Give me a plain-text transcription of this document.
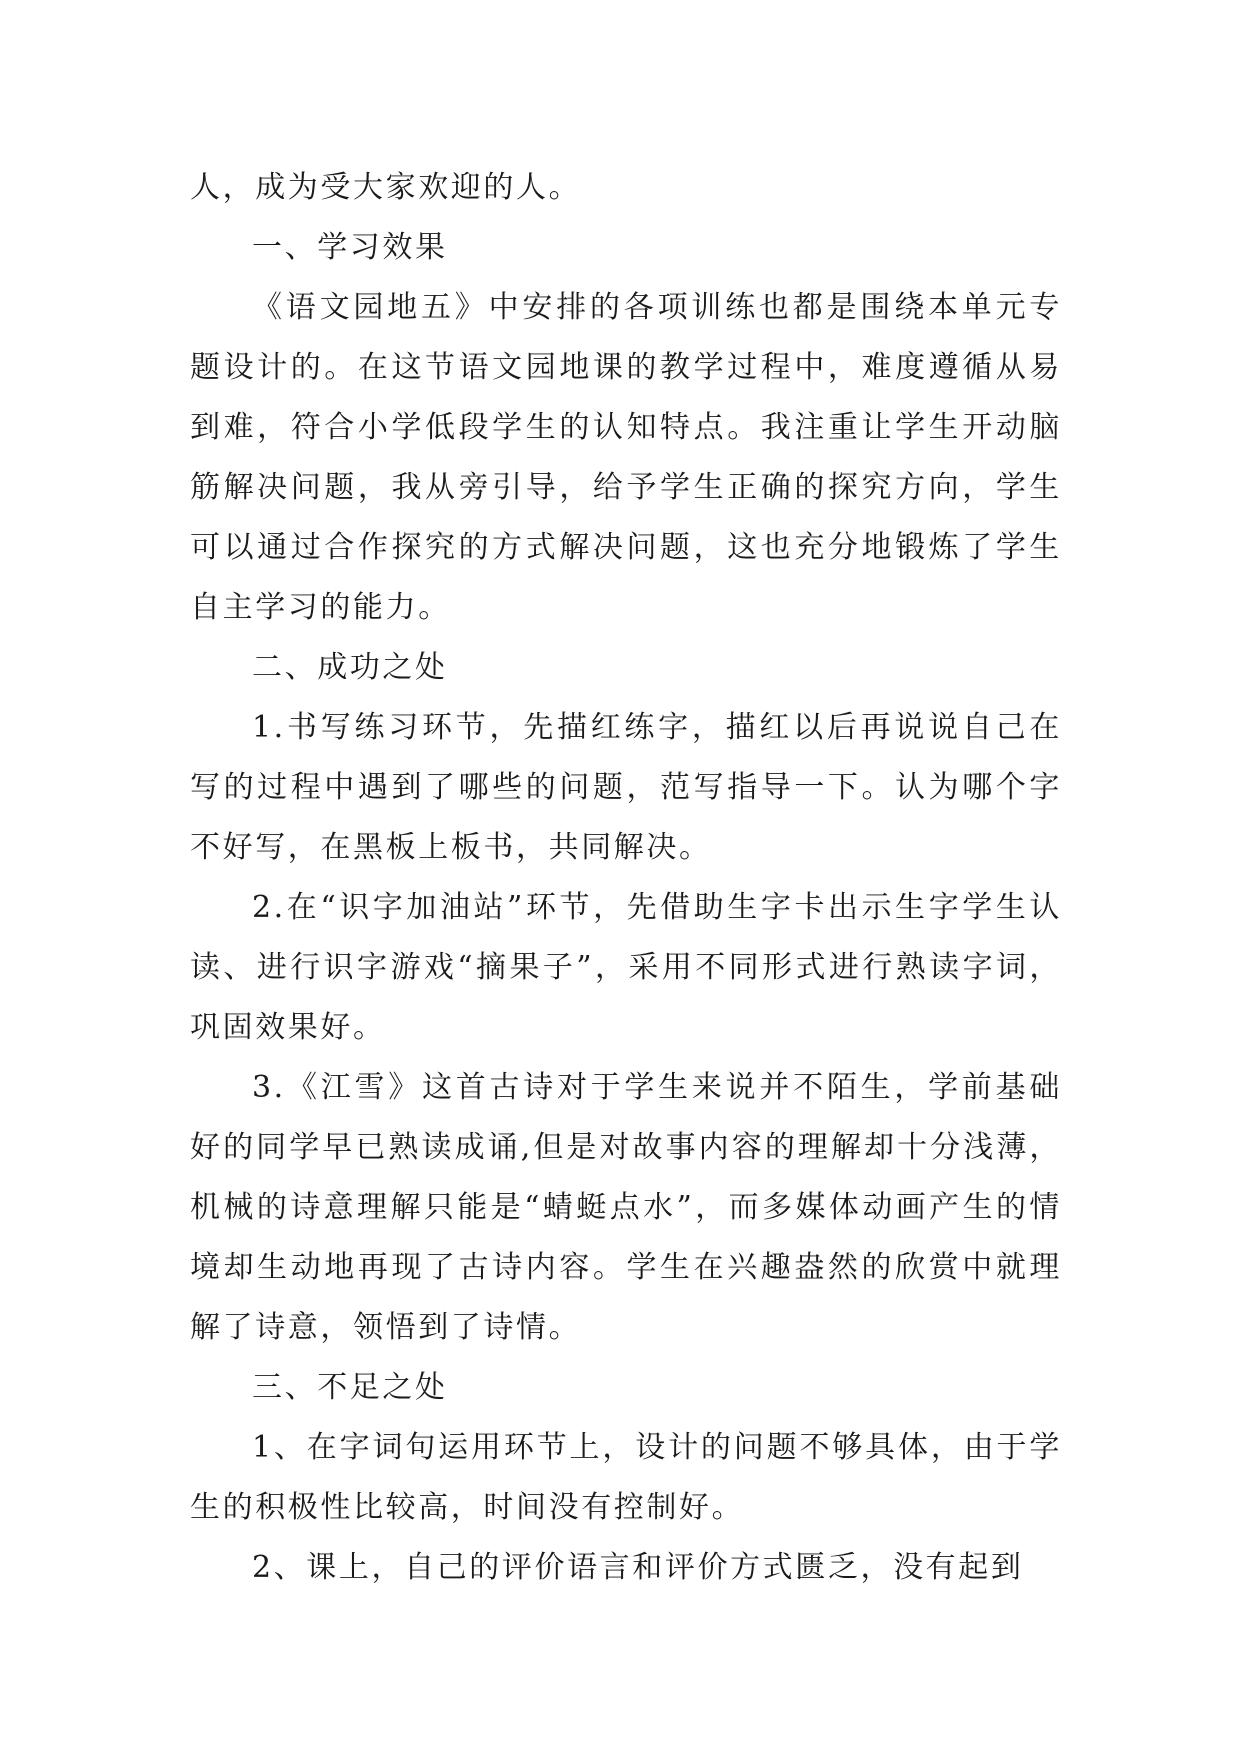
人，成为受大家欢迎的人。

一、学习效果

《语文园地五》中安排的各项训练也都是围绕本单元专题设计的。在这节语文园地课的教学过程中，难度遵循从易到难，符合小学低段学生的认知特点。我注重让学生开动脑筋解决问题，我从旁引导，给予学生正确的探究方向，学生可以通过合作探究的方式解决问题，这也充分地锻炼了学生自主学习的能力。

二、成功之处

1.书写练习环节，先描红练字，描红以后再说说自己在写的过程中遇到了哪些的问题，范写指导一下。认为哪个字不好写，在黑板上板书，共同解决。

2.在“识字加油站”环节，先借助生字卡出示生字学生认读、进行识字游戏“摘果子”，采用不同形式进行熟读字词，巩固效果好。

3.《江雪》这首古诗对于学生来说并不陌生，学前基础好的同学早已熟读成诵,但是对故事内容的理解却十分浅薄，机械的诗意理解只能是“蜻蜓点水”，而多媒体动画产生的情境却生动地再现了古诗内容。学生在兴趣盎然的欣赏中就理解了诗意，领悟到了诗情。

三、不足之处

1、在字词句运用环节上，设计的问题不够具体，由于学生的积极性比较高，时间没有控制好。

2、课上，自己的评价语言和评价方式匮乏，没有起到
